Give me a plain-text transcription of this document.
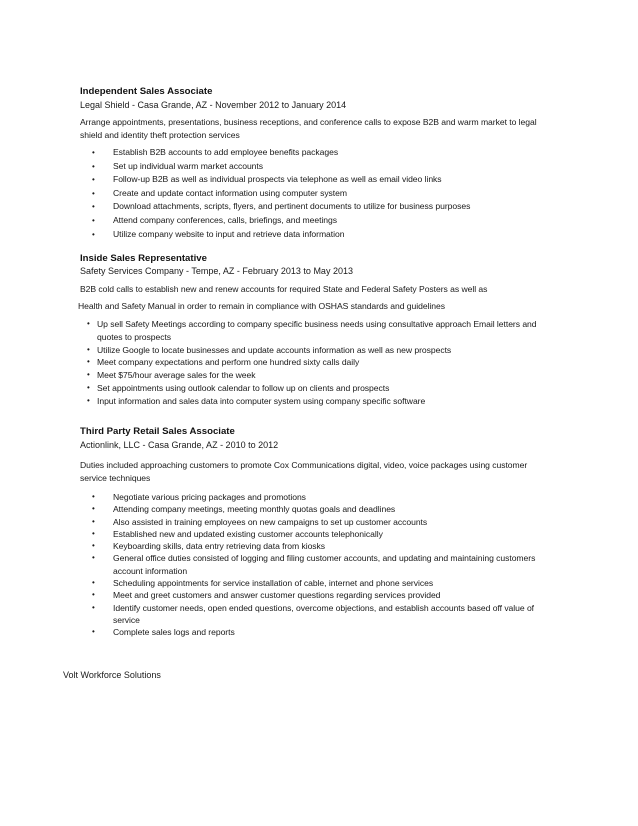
Independent Sales Associate

Legal Shield - Casa Grande, AZ - November 2012 to January 2014

Arrange appointments, presentations, business receptions, and conference calls to expose B2B and warm market to legal shield and identity theft protection services

• Establish B2B accounts to add employee benefits packages
• Set up individual warm market accounts
• Follow-up B2B as well as individual prospects via telephone as well as email video links
• Create and update contact information using computer system
• Download attachments, scripts, flyers, and pertinent documents to utilize for business purposes
• Attend company conferences, calls, briefings, and meetings
• Utilize company website to input and retrieve data information

Inside Sales Representative

Safety Services Company - Tempe, AZ - February 2013 to May 2013

B2B cold calls to establish new and renew accounts for required State and Federal Safety Posters as well as

Health and Safety Manual in order to remain in compliance with OSHAS standards and guidelines

• Up sell Safety Meetings according to company specific business needs using consultative approach Email letters and quotes to prospects
• Utilize Google to locate businesses and update accounts information as well as new prospects
• Meet company expectations and perform one hundred sixty calls daily
• Meet $75/hour average sales for the week
• Set appointments using outlook calendar to follow up on clients and prospects
• Input information and sales data into computer system using company specific software

Third Party Retail Sales Associate

Actionlink, LLC - Casa Grande, AZ - 2010 to 2012

Duties included approaching customers to promote Cox Communications digital, video, voice packages using customer service techniques

• Negotiate various pricing packages and promotions
• Attending company meetings, meeting monthly quotas goals and deadlines
• Also assisted in training employees on new campaigns to set up customer accounts
• Established new and updated existing customer accounts telephonically
• Keyboarding skills, data entry retrieving data from kiosks
• General office duties consisted of logging and filing customer accounts, and updating and maintaining customers account information
• Scheduling appointments for service installation of cable, internet and phone services
• Meet and greet customers and answer customer questions regarding services provided
• Identify customer needs, open ended questions, overcome objections, and establish accounts based off value of service
• Complete sales logs and reports

Volt Workforce Solutions
